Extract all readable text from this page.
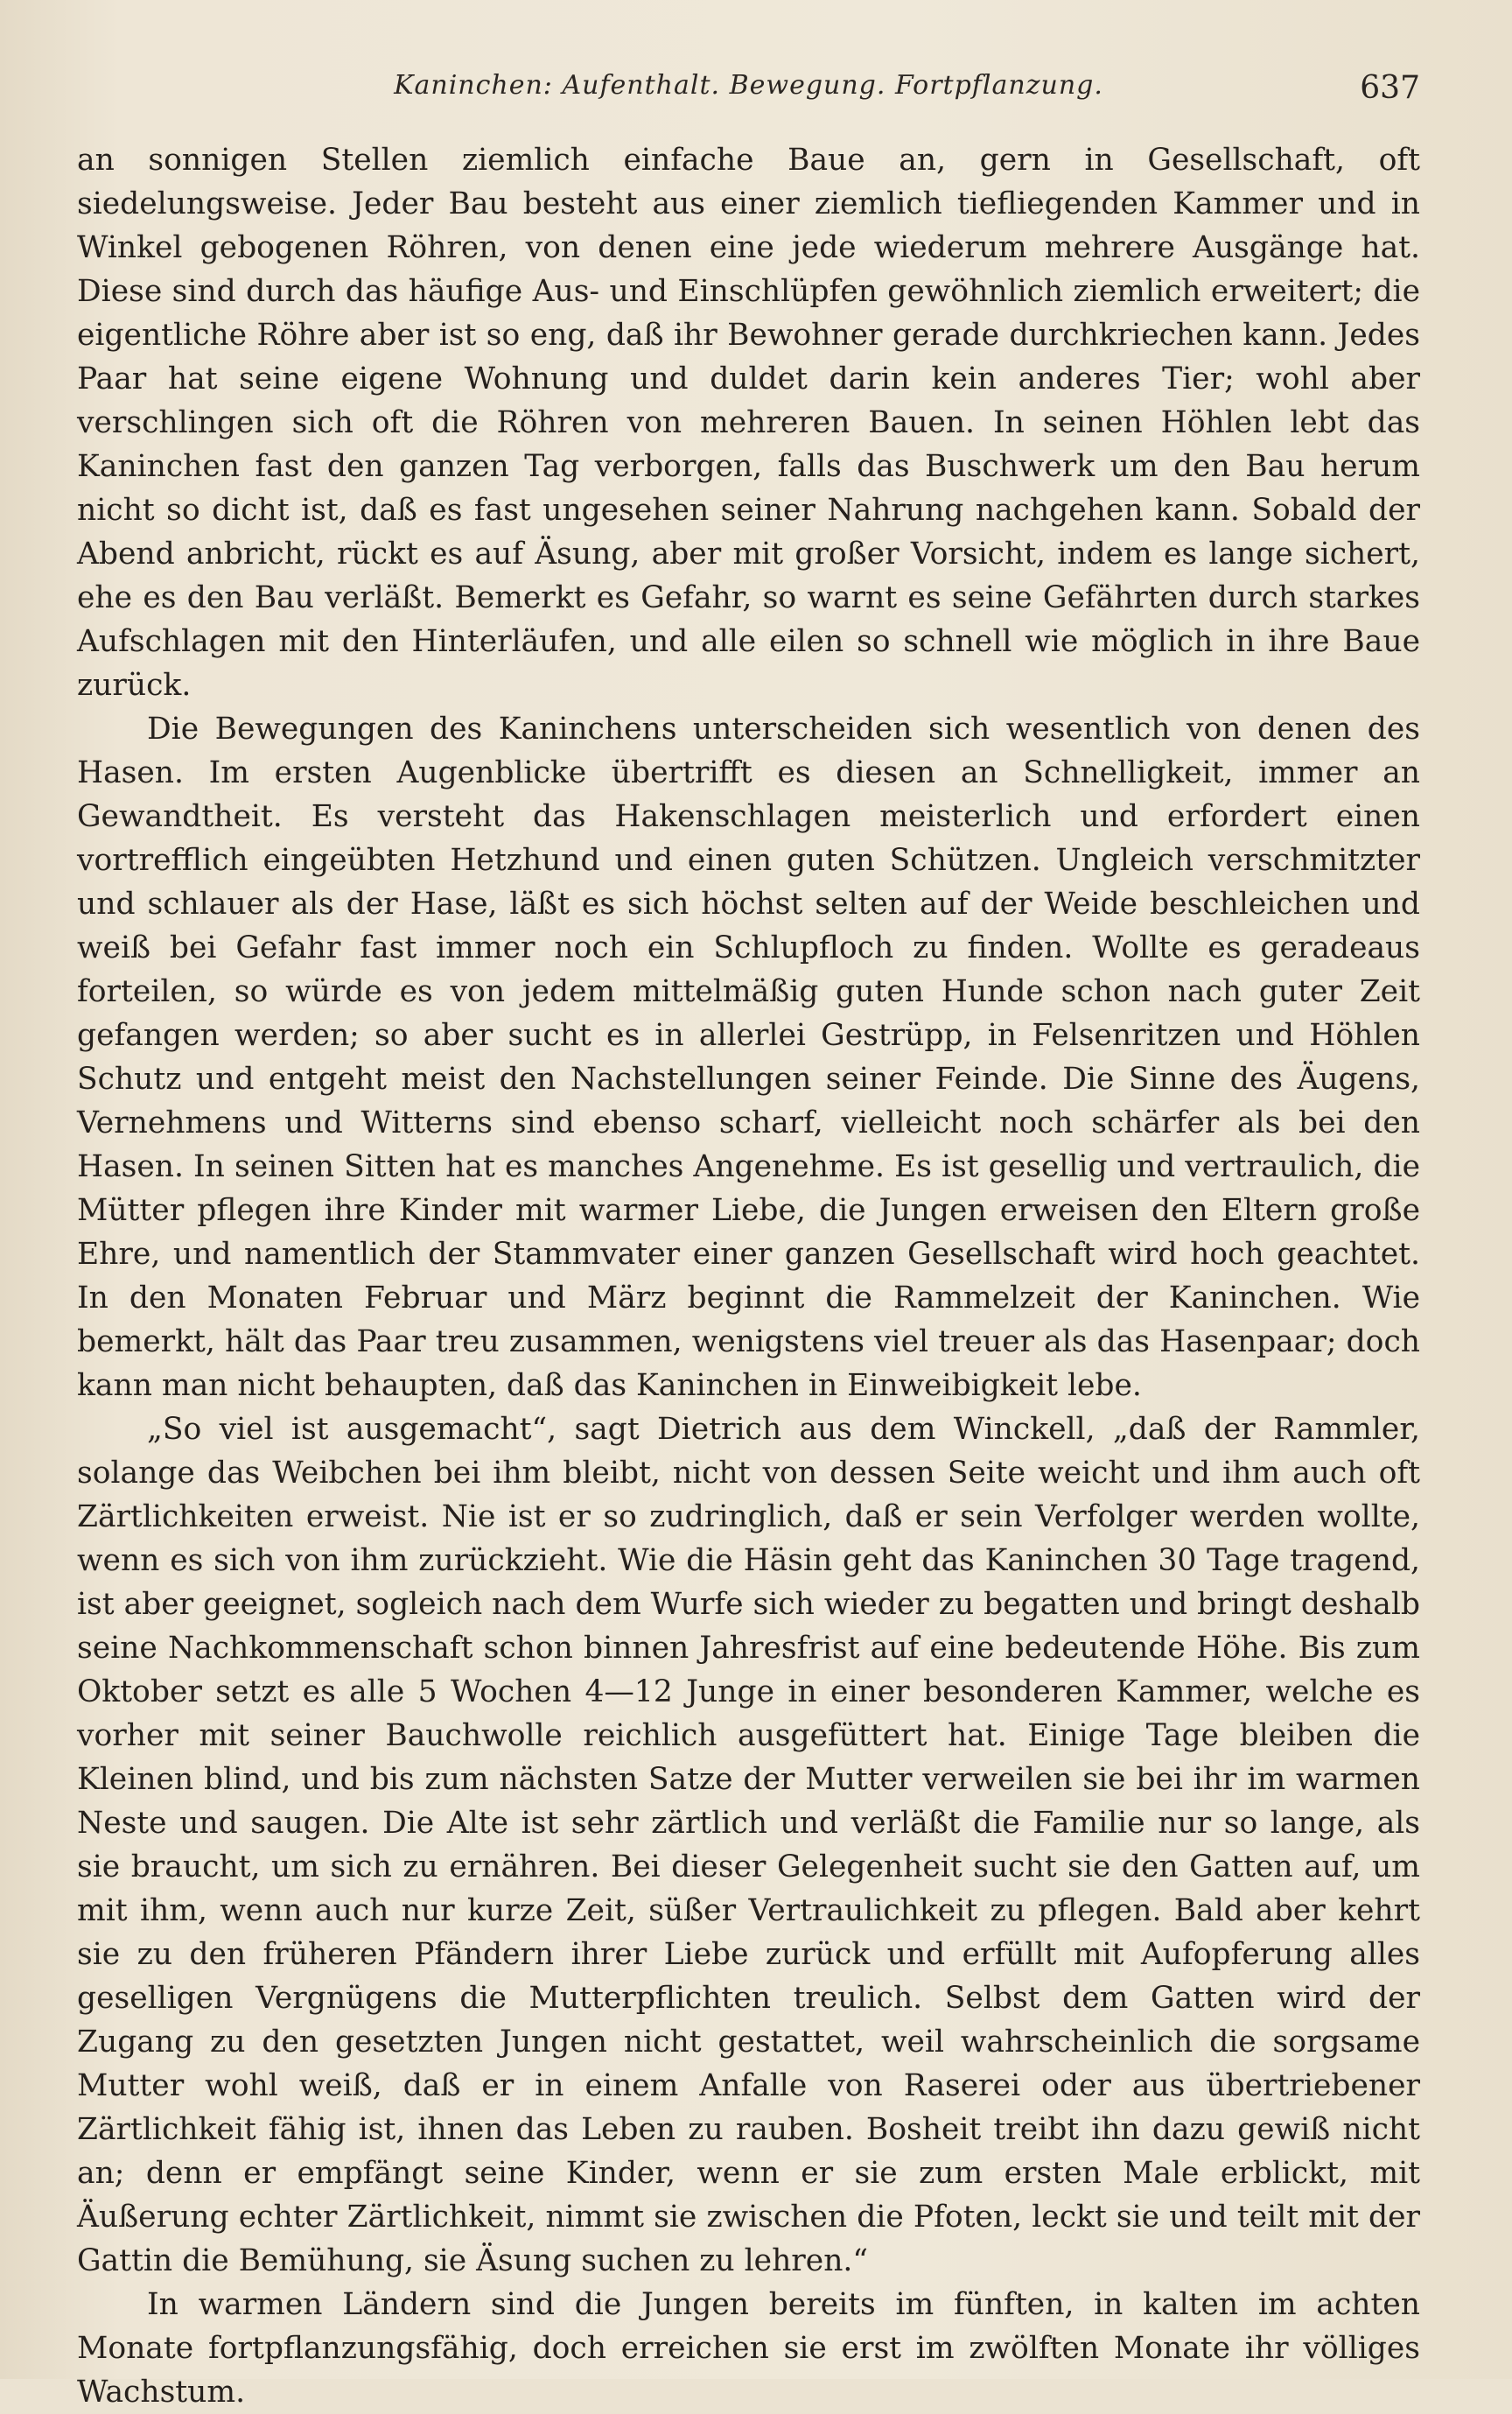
Kaninchen: Aufenthalt. Bewegung. Fortpflanzung.	637

an sonnigen Stellen ziemlich einfache Baue an, gern in Gesellschaft, oft siedelungsweise. Jeder Bau besteht aus einer ziemlich tiefliegenden Kammer und in Winkel gebogenen Röhren, von denen eine jede wiederum mehrere Ausgänge hat. Diese sind durch das häufige Aus- und Einschlüpfen gewöhnlich ziemlich erweitert; die eigentliche Röhre aber ist so eng, daß ihr Bewohner gerade durchkriechen kann. Jedes Paar hat seine eigene Wohnung und duldet darin kein anderes Tier; wohl aber verschlingen sich oft die Röhren von mehreren Bauen. In seinen Höhlen lebt das Kaninchen fast den ganzen Tag verborgen, falls das Buschwerk um den Bau herum nicht so dicht ist, daß es fast ungesehen seiner Nahrung nachgehen kann. Sobald der Abend anbricht, rückt es auf Äsung, aber mit großer Vorsicht, indem es lange sichert, ehe es den Bau verläßt. Bemerkt es Gefahr, so warnt es seine Gefährten durch starkes Aufschlagen mit den Hinterläufen, und alle eilen so schnell wie möglich in ihre Baue zurück.

Die Bewegungen des Kaninchens unterscheiden sich wesentlich von denen des Hasen. Im ersten Augenblicke übertrifft es diesen an Schnelligkeit, immer an Gewandtheit. Es versteht das Hakenschlagen meisterlich und erfordert einen vortrefflich eingeübten Hetzhund und einen guten Schützen. Ungleich verschmitzter und schlauer als der Hase, läßt es sich höchst selten auf der Weide beschleichen und weiß bei Gefahr fast immer noch ein Schlupfloch zu finden. Wollte es geradeaus forteilen, so würde es von jedem mittelmäßig guten Hunde schon nach guter Zeit gefangen werden; so aber sucht es in allerlei Gestrüpp, in Felsenritzen und Höhlen Schutz und entgeht meist den Nachstellungen seiner Feinde. Die Sinne des Äugens, Vernehmens und Witterns sind ebenso scharf, vielleicht noch schärfer als bei den Hasen. In seinen Sitten hat es manches Angenehme. Es ist gesellig und vertraulich, die Mütter pflegen ihre Kinder mit warmer Liebe, die Jungen erweisen den Eltern große Ehre, und namentlich der Stammvater einer ganzen Gesellschaft wird hoch geachtet. In den Monaten Februar und März beginnt die Rammelzeit der Kaninchen. Wie bemerkt, hält das Paar treu zusammen, wenigstens viel treuer als das Hasenpaar; doch kann man nicht behaupten, daß das Kaninchen in Einweibigkeit lebe.

„So viel ist ausgemacht“, sagt Dietrich aus dem Winckell, „daß der Rammler, solange das Weibchen bei ihm bleibt, nicht von dessen Seite weicht und ihm auch oft Zärtlichkeiten erweist. Nie ist er so zudringlich, daß er sein Verfolger werden wollte, wenn es sich von ihm zurückzieht. Wie die Häsin geht das Kaninchen 30 Tage tragend, ist aber geeignet, sogleich nach dem Wurfe sich wieder zu begatten und bringt deshalb seine Nachkommenschaft schon binnen Jahresfrist auf eine bedeutende Höhe. Bis zum Oktober setzt es alle 5 Wochen 4—12 Junge in einer besonderen Kammer, welche es vorher mit seiner Bauchwolle reichlich ausgefüttert hat. Einige Tage bleiben die Kleinen blind, und bis zum nächsten Satze der Mutter verweilen sie bei ihr im warmen Neste und saugen. Die Alte ist sehr zärtlich und verläßt die Familie nur so lange, als sie braucht, um sich zu ernähren. Bei dieser Gelegenheit sucht sie den Gatten auf, um mit ihm, wenn auch nur kurze Zeit, süßer Vertraulichkeit zu pflegen. Bald aber kehrt sie zu den früheren Pfändern ihrer Liebe zurück und erfüllt mit Aufopferung alles geselligen Vergnügens die Mutterpflichten treulich. Selbst dem Gatten wird der Zugang zu den gesetzten Jungen nicht gestattet, weil wahrscheinlich die sorgsame Mutter wohl weiß, daß er in einem Anfalle von Raserei oder aus übertriebener Zärtlichkeit fähig ist, ihnen das Leben zu rauben. Bosheit treibt ihn dazu gewiß nicht an; denn er empfängt seine Kinder, wenn er sie zum ersten Male erblickt, mit Äußerung echter Zärtlichkeit, nimmt sie zwischen die Pfoten, leckt sie und teilt mit der Gattin die Bemühung, sie Äsung suchen zu lehren.“

In warmen Ländern sind die Jungen bereits im fünften, in kalten im achten Monate fortpflanzungsfähig, doch erreichen sie erst im zwölften Monate ihr völliges Wachstum.
